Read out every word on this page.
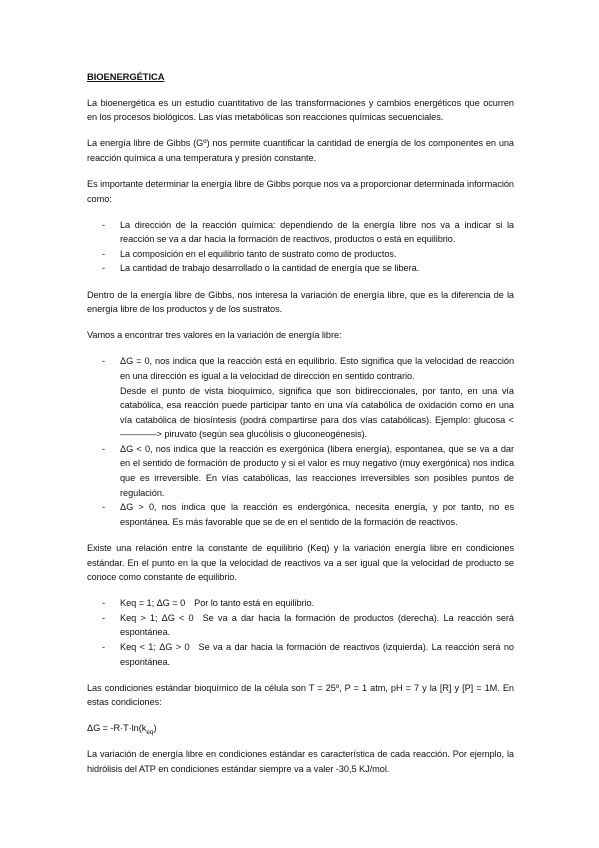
BIOENERGÉTICA

La bioenergética es un estudio cuantitativo de las transformaciones y cambios energéticos que ocurren en los procesos biológicos. Las vías metabólicas son reacciones químicas secuenciales.

La energía libre de Gibbs (Gº) nos permite cuantificar la cantidad de energía de los componentes en una reacción química a una temperatura y presión constante.

Es importante determinar la energía libre de Gibbs porque nos va a proporcionar determinada información como:

- La dirección de la reacción química: dependiendo de la energía libre nos va a indicar si la reacción se va a dar hacia la formación de reactivos, productos o está en equilibrio.
- La composición en el equilibrio tanto de sustrato como de productos.
- La cantidad de trabajo desarrollado o la cantidad de energía que se libera.

Dentro de la energía libre de Gibbs, nos interesa la variación de energía libre, que es la diferencia de la energía libre de los productos y de los sustratos.

Vamos a encontrar tres valores en la variación de energía libre:

- ΔG = 0, nos indica que la reacción está en equilibrio. Esto significa que la velocidad de reacción en una dirección es igual a la velocidad de dirección en sentido contrario.
Desde el punto de vista bioquímico, significa que son bidireccionales, por tanto, en una vía catabólica, esa reacción puede participar tanto en una vía catabólica de oxidación como en una vía catabólica de biosíntesis (podrá compartirse para dos vías catabólicas). Ejemplo: glucosa <————> piruvato (según sea glucólisis o gluconeogénesis).
- ΔG < 0, nos indica que la reacción es exergónica (libera energía), espontanea, que se va a dar en el sentido de formación de producto y si el valor es muy negativo (muy exergónica) nos indica que es irreversible. En vías catabólicas, las reacciones irreversibles son posibles puntos de regulación.
- ΔG > 0, nos indica que la reacción es endergónica, necesita energía, y por tanto, no es espontánea. Es más favorable que se de en el sentido de la formación de reactivos.

Existe una relación entre la constante de equilibrio (Keq) y la variación energía libre en condiciones estándar. En el punto en la que la velocidad de reactivos va a ser igual que la velocidad de producto se conoce como constante de equilibrio.

- Keq = 1; ΔG = 0 Por lo tanto está en equilibrio.
- Keq > 1; ΔG < 0 Se va a dar hacia la formación de productos (derecha). La reacción será espontánea.
- Keq < 1; ΔG > 0 Se va a dar hacia la formación de reactivos (izquierda). La reacción será no espontánea.

Las condiciones estándar bioquímico de la célula son T = 25º, P = 1 atm, pH = 7 y la [R] y [P] = 1M. En estas condiciones:

$\Delta G = -R\cdot T\cdot\ln(k_{eq})$

La variación de energía libre en condiciones estándar es característica de cada reacción. Por ejemplo, la hidrólisis del ATP en condiciones estándar siempre va a valer -30,5 KJ/mol.
